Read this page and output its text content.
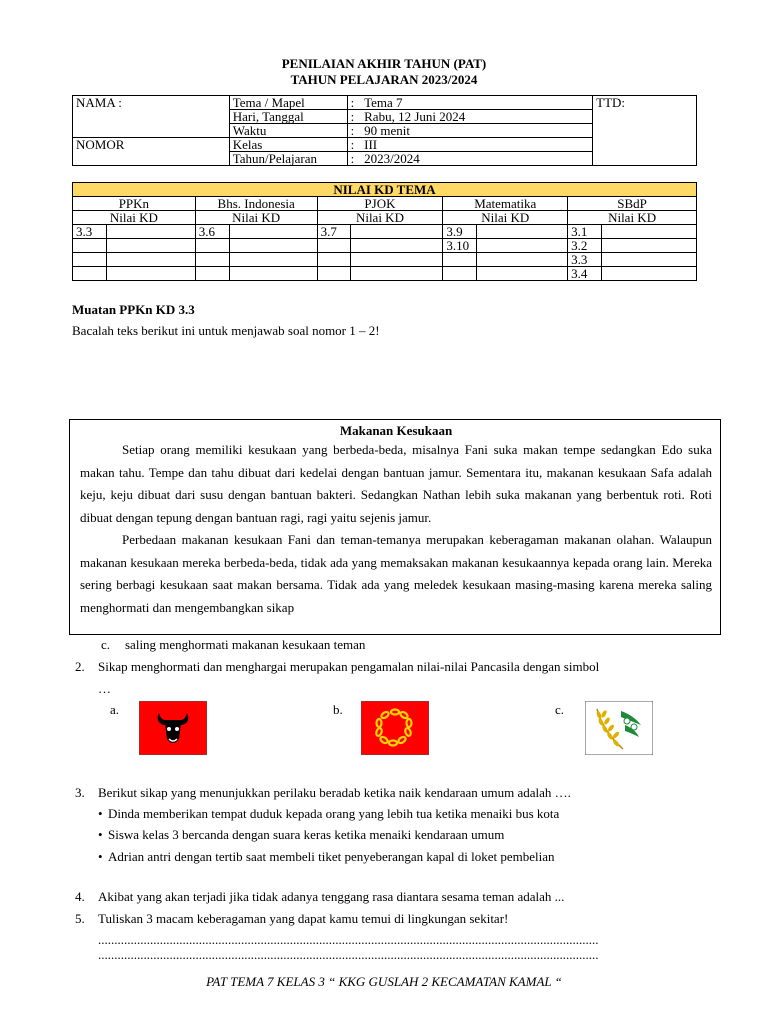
PENILAIAN AKHIR TAHUN (PAT)
TAHUN PELAJARAN 2023/2024
NAMA :	Tema / Mapel	:	Tema 7	TTD:
	Hari, Tanggal	:	Rabu, 12 Juni 2024	
	Waktu	:	90 menit	
NOMOR	Kelas	:	III	
	Tahun/Pelajaran	:	2023/2024	
NILAI KD TEMA									
PPKn		Bhs. Indonesia		PJOK		Matematika		SBdP	
Nilai KD		Nilai KD		Nilai KD		Nilai KD		Nilai KD	
3.3		3.6		3.7		3.9		3.1	
						3.10		3.2	
								3.3	
								3.4	
Muatan PPKn KD 3.3
Bacalah teks berikut ini untuk menjawab soal nomor 1 – 2!
Makanan Kesukaan
Setiap orang memiliki kesukaan yang berbeda-beda, misalnya Fani suka makan tempe sedangkan Edo suka makan tahu. Tempe dan tahu dibuat dari kedelai dengan bantuan jamur. Sementara itu, makanan kesukaan Safa adalah keju, keju dibuat dari susu dengan bantuan bakteri. Sedangkan Nathan lebih suka makanan yang berbentuk roti. Roti dibuat dengan tepung dengan bantuan ragi, ragi yaitu sejenis jamur.
Perbedaan makanan kesukaan Fani dan teman-temanya merupakan keberagaman makanan olahan. Walaupun makanan kesukaan mereka berbeda-beda, tidak ada yang memaksakan makanan kesukaannya kepada orang lain. Mereka sering berbagi kesukaan saat makan bersama. Tidak ada yang meledek kesukaan masing-masing karena mereka saling menghormati dan mengembangkan sikap
c. saling menghormati makanan kesukaan teman
2. Sikap menghormati dan menghargai merupakan pengamalan nilai-nilai Pancasila dengan simbol
…
a.	b.	c.
3. Berikut sikap yang menunjukkan perilaku beradab ketika naik kendaraan umum adalah ….
• Dinda memberikan tempat duduk kepada orang yang lebih tua ketika menaiki bus kota
• Siswa kelas 3 bercanda dengan suara keras ketika menaiki kendaraan umum
• Adrian antri dengan tertib saat membeli tiket penyeberangan kapal di loket pembelian
4. Akibat yang akan terjadi jika tidak adanya tenggang rasa diantara sesama teman adalah ...
5. Tuliskan 3 macam keberagaman yang dapat kamu temui di lingkungan sekitar!
..........................................................................................................................................................
..........................................................................................................................................................
PAT TEMA 7 KELAS 3 “ KKG GUSLAH 2 KECAMATAN KAMAL “
